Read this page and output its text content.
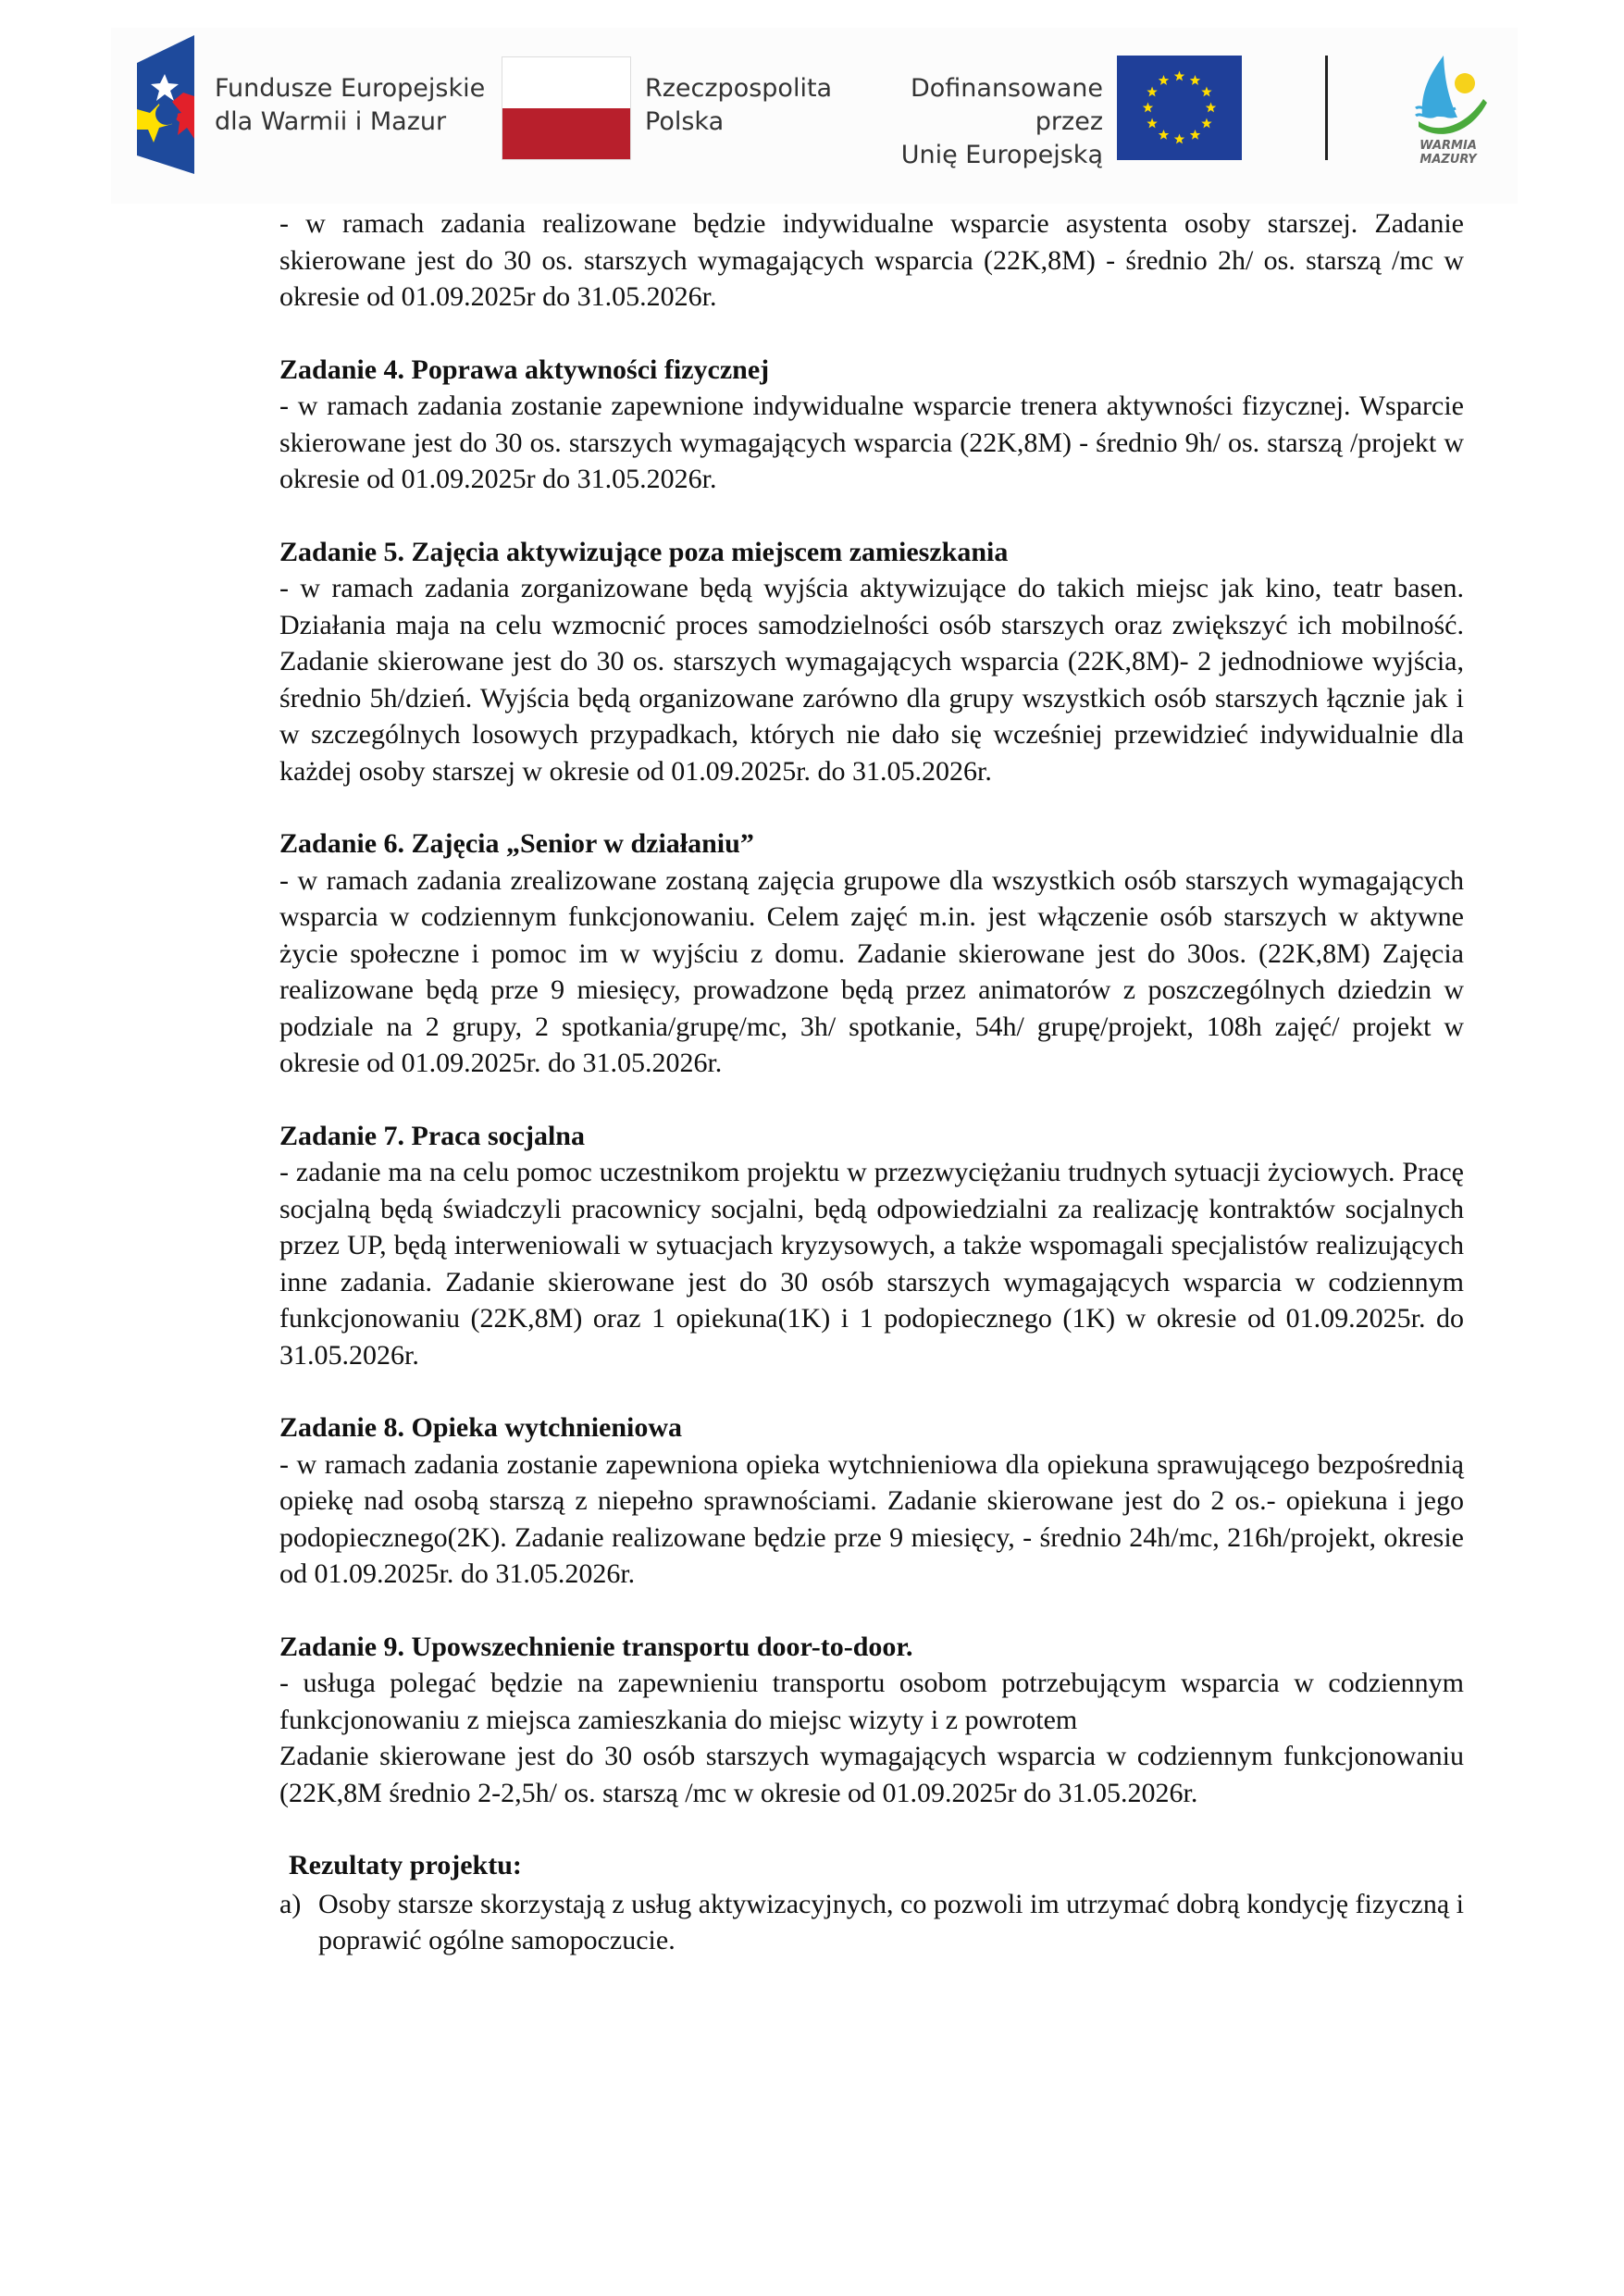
Fundusze Europejskie
dla Warmii i Mazur
Rzeczpospolita
Polska
Dofinansowane przez
Unię Europejską	WARMIA
MAZURY

- w ramach zadania realizowane będzie indywidualne wsparcie asystenta osoby starszej. Zadanie skierowane jest do 30 os. starszych wymagających wsparcia (22K,8M) - średnio 2h/ os. starszą /mc w okresie od 01.09.2025r do 31.05.2026r.

Zadanie 4. Poprawa aktywności fizycznej

- w ramach zadania zostanie zapewnione indywidualne wsparcie trenera aktywności fizycznej. Wsparcie skierowane jest do 30 os. starszych wymagających wsparcia (22K,8M) - średnio 9h/ os. starszą /projekt w okresie od 01.09.2025r do 31.05.2026r.

Zadanie 5. Zajęcia aktywizujące poza miejscem zamieszkania

- w ramach zadania zorganizowane będą wyjścia aktywizujące do takich miejsc jak kino, teatr basen. Działania maja na celu wzmocnić proces samodzielności osób starszych oraz zwiększyć ich mobilność. Zadanie skierowane jest do 30 os. starszych wymagających wsparcia (22K,8M)- 2 jednodniowe wyjścia, średnio 5h/dzień. Wyjścia będą organizowane zarówno dla grupy wszystkich osób starszych łącznie jak i w szczególnych losowych przypadkach, których nie dało się wcześniej przewidzieć indywidualnie dla każdej osoby starszej w okresie od 01.09.2025r. do 31.05.2026r.

Zadanie 6. Zajęcia „Senior w działaniu”

- w ramach zadania zrealizowane zostaną zajęcia grupowe dla wszystkich osób starszych wymagających wsparcia w codziennym funkcjonowaniu. Celem zajęć m.in. jest włączenie osób starszych w aktywne życie społeczne i pomoc im w wyjściu z domu. Zadanie skierowane jest do 30os. (22K,8M) Zajęcia realizowane będą prze 9 miesięcy, prowadzone będą przez animatorów z poszczególnych dziedzin w podziale na 2 grupy, 2 spotkania/grupę/mc, 3h/ spotkanie, 54h/ grupę/projekt, 108h zajęć/ projekt w okresie od 01.09.2025r. do 31.05.2026r.

Zadanie 7. Praca socjalna

- zadanie ma na celu pomoc uczestnikom projektu w przezwyciężaniu trudnych sytuacji życiowych. Pracę socjalną będą świadczyli pracownicy socjalni, będą odpowiedzialni za realizację kontraktów socjalnych przez UP, będą interweniowali w sytuacjach kryzysowych, a także wspomagali specjalistów realizujących inne zadania. Zadanie skierowane jest do 30 osób starszych wymagających wsparcia w codziennym funkcjonowaniu (22K,8M) oraz 1 opiekuna(1K) i 1 podopiecznego (1K) w okresie od 01.09.2025r. do 31.05.2026r.

Zadanie 8. Opieka wytchnieniowa

- w ramach zadania zostanie zapewniona opieka wytchnieniowa dla opiekuna sprawującego bezpośrednią opiekę nad osobą starszą z niepełno sprawnościami. Zadanie skierowane jest do 2 os.- opiekuna i jego podopiecznego(2K). Zadanie realizowane będzie prze 9 miesięcy, - średnio 24h/mc, 216h/projekt, okresie od 01.09.2025r. do 31.05.2026r.

Zadanie 9. Upowszechnienie transportu door-to-door.

- usługa polegać będzie na zapewnieniu transportu osobom potrzebującym wsparcia w codziennym funkcjonowaniu z miejsca zamieszkania do miejsc wizyty i z powrotem

Zadanie skierowane jest do 30 osób starszych wymagających wsparcia w codziennym funkcjonowaniu (22K,8M średnio 2-2,5h/ os. starszą /mc w okresie od 01.09.2025r do 31.05.2026r.

Rezultaty projektu:
a) Osoby starsze skorzystają z usług aktywizacyjnych, co pozwoli im utrzymać dobrą kondycję fizyczną i poprawić ogólne samopoczucie.
